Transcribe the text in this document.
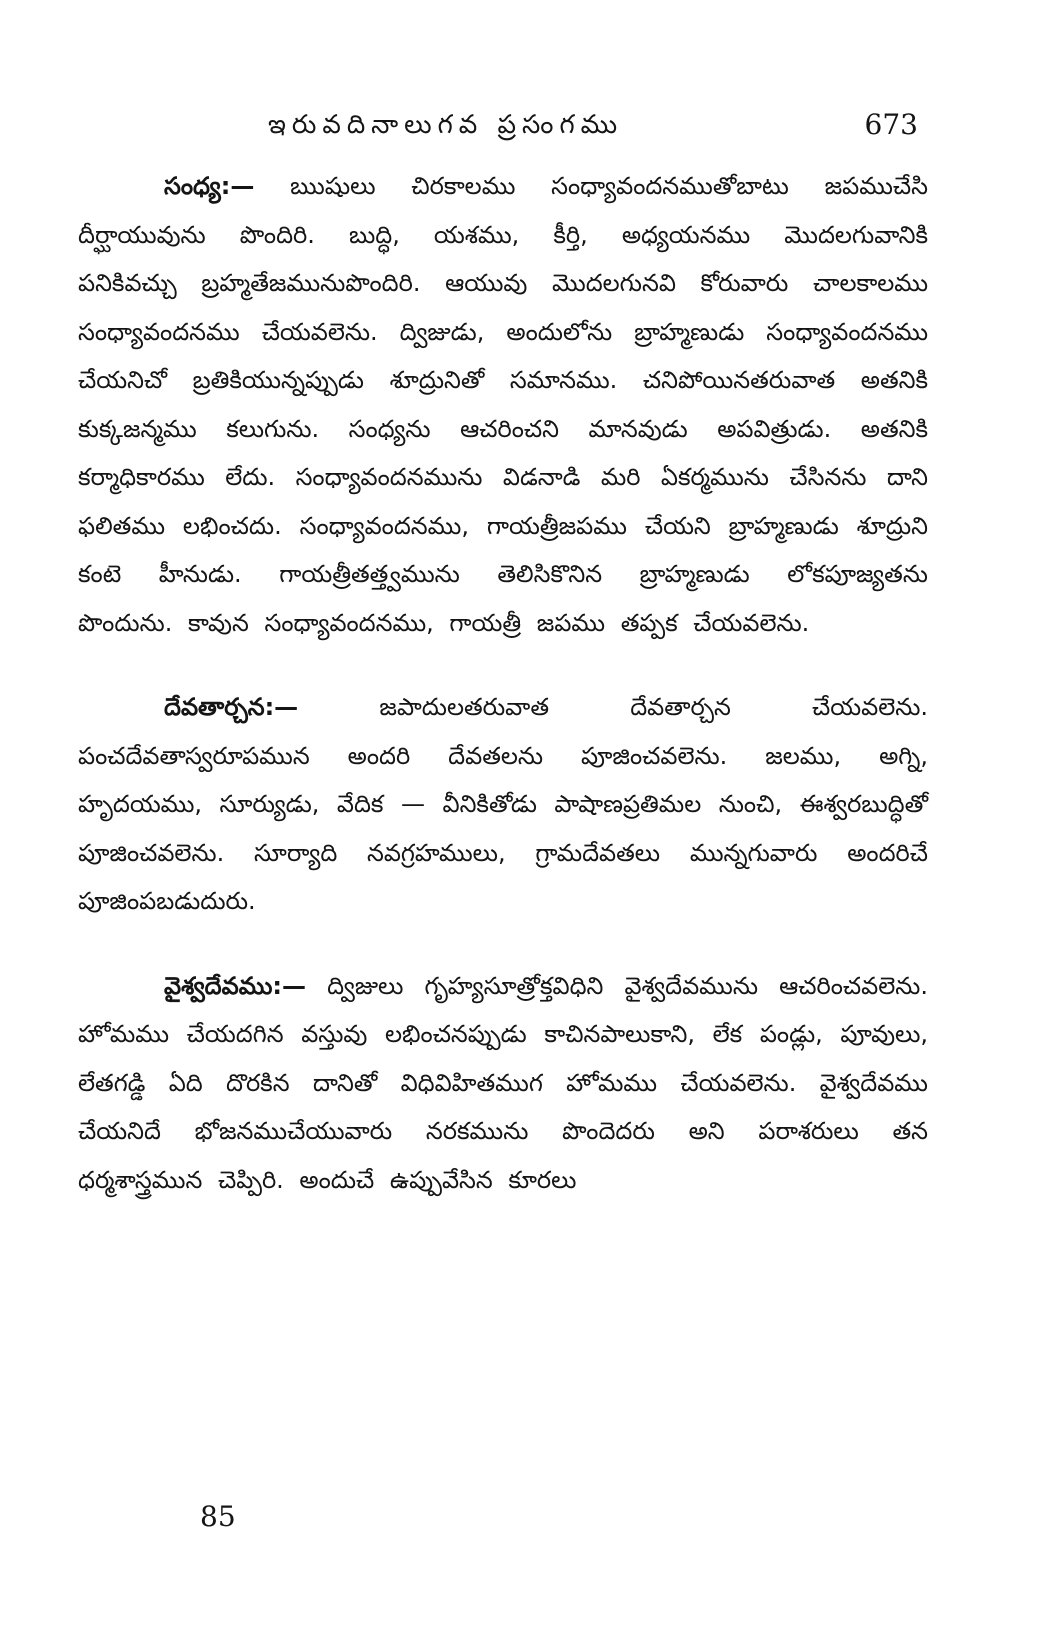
ఇరువదినాలుగవ ప్రసంగము	673

సంధ్య:— ఋషులు చిరకాలము సంధ్యావందనముతోబాటు జపముచేసి దీర్ఘాయువును పొందిరి. బుద్ధి, యశము, కీర్తి, అధ్యయనము మొదలగువానికి పనికివచ్చు బ్రహ్మతేజమునుపొందిరి. ఆయువు మొదలగునవి కోరువారు చాలకాలము సంధ్యావందనము చేయవలెను. ద్విజుడు, అందులోను బ్రాహ్మణుడు సంధ్యావందనము చేయనిచో బ్రతికియున్నప్పుడు శూద్రునితో సమానము. చనిపోయినతరువాత అతనికి కుక్కజన్మము కలుగును. సంధ్యను ఆచరించని మానవుడు అపవిత్రుడు. అతనికి కర్మాధికారము లేదు. సంధ్యావందనమును విడనాడి మరి ఏకర్మమును చేసినను దాని ఫలితము లభించదు. సంధ్యావందనము, గాయత్రీజపము చేయని బ్రాహ్మణుడు శూద్రుని కంటె హీనుడు. గాయత్రీతత్త్వమును తెలిసికొనిన బ్రాహ్మణుడు లోకపూజ్యతను పొందును. కావున సంధ్యావందనము, గాయత్రీ జపము తప్పక చేయవలెను.

దేవతార్చన:—	జపాదులతరువాత దేవతార్చన చేయవలెను. పంచదేవతాస్వరూపమున అందరి దేవతలను పూజించవలెను. జలము, అగ్ని, హృదయము, సూర్యుడు, వేదిక — వీనికితోడు పాషాణప్రతిమల నుంచి, ఈశ్వరబుద్ధితో పూజించవలెను. సూర్యాది నవగ్రహములు, గ్రామదేవతలు మున్నగువారు అందరిచే పూజింపబడుదురు.

వైశ్వదేవము:— ద్విజులు గృహ్యసూత్రోక్తవిధిని వైశ్వదేవమును ఆచరించవలెను. హోమము చేయదగిన వస్తువు లభించనప్పుడు కాచినపాలుకాని, లేక పండ్లు, పూవులు, లేతగడ్డి ఏది దొరకిన దానితో విధివిహితముగ హోమము చేయవలెను. వైశ్వదేవము చేయనిదే భోజనముచేయువారు నరకమును పొందెదరు అని పరాశరులు తన ధర్మశాస్త్రమున చెప్పిరి. అందుచే ఉప్పువేసిన కూరలు

85
